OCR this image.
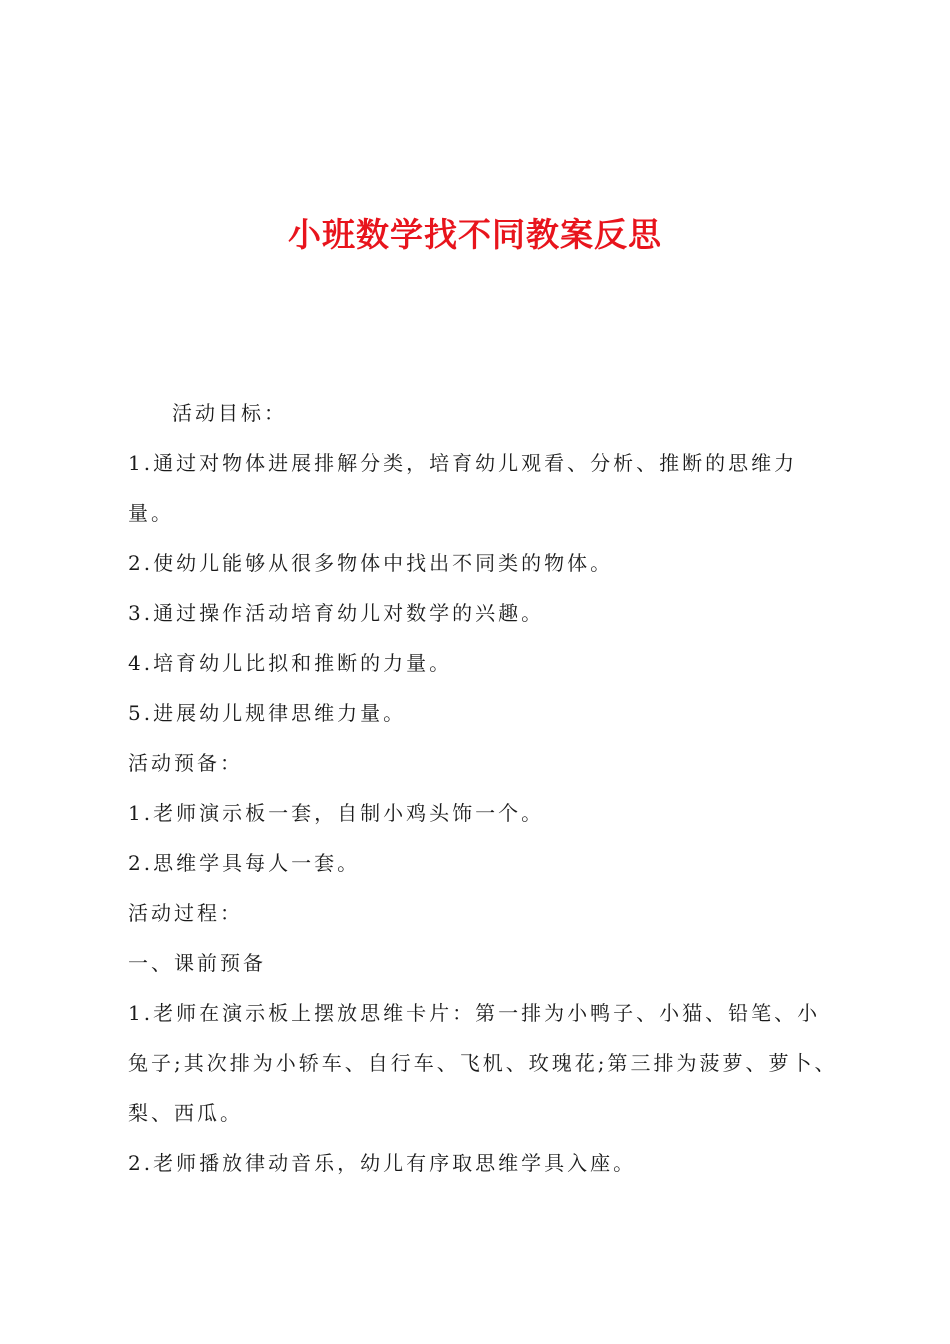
小班数学找不同教案反思

活动目标：

1.通过对物体进展排解分类，培育幼儿观看、分析、推断的思维力量。

2.使幼儿能够从很多物体中找出不同类的物体。

3.通过操作活动培育幼儿对数学的兴趣。

4.培育幼儿比拟和推断的力量。

5.进展幼儿规律思维力量。

活动预备：

1.老师演示板一套，自制小鸡头饰一个。

2.思维学具每人一套。

活动过程：

一、课前预备

1.老师在演示板上摆放思维卡片：第一排为小鸭子、小猫、铅笔、小兔子;其次排为小轿车、自行车、飞机、玫瑰花;第三排为菠萝、萝卜、梨、西瓜。

2.老师播放律动音乐，幼儿有序取思维学具入座。
